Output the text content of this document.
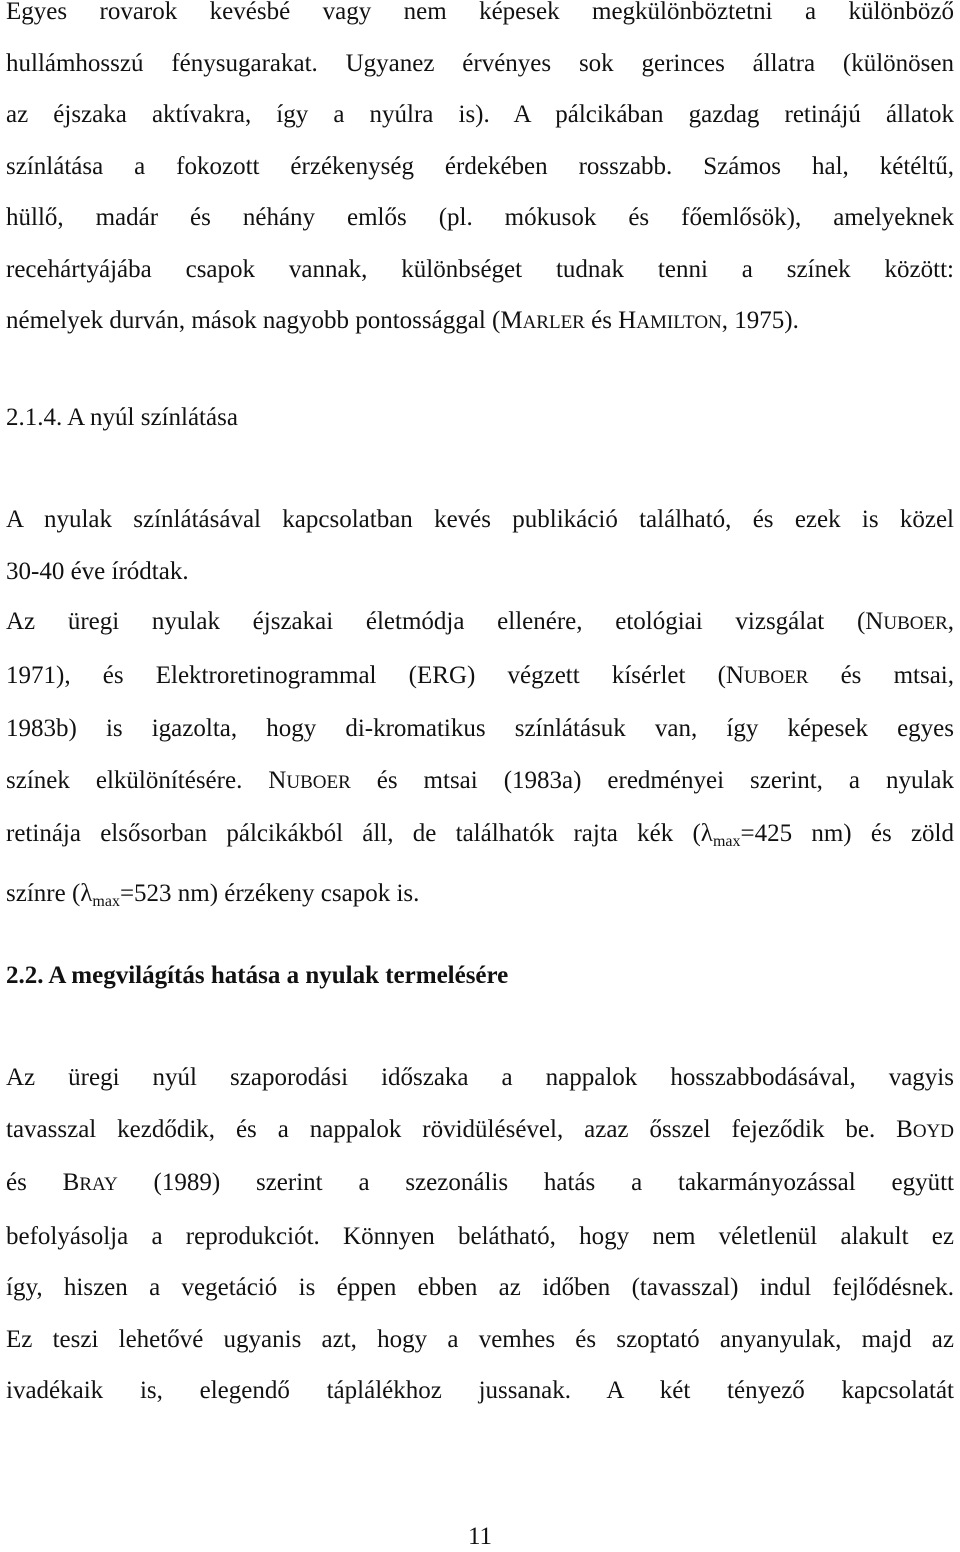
Egyes rovarok kevésbé vagy nem képesek megkülönböztetni a különböző
hullámhosszú fénysugarakat. Ugyanez érvényes sok gerinces állatra (különösen
az éjszaka aktívakra, így a nyúlra is). A pálcikában gazdag retinájú állatok
színlátása a fokozott érzékenység érdekében rosszabb. Számos hal, kétéltű,
hüllő, madár és néhány emlős (pl. mókusok és főemlősök), amelyeknek
recehártyájába csapok vannak, különbséget tudnak tenni a színek között:
némelyek durván, mások nagyobb pontossággal (MARLER és HAMILTON, 1975).
2.1.4. A nyúl színlátása
A nyulak színlátásával kapcsolatban kevés publikáció található, és ezek is közel
30-40 éve íródtak.
Az üregi nyulak éjszakai életmódja ellenére, etológiai vizsgálat (NUBOER,
1971), és Elektroretinogrammal (ERG) végzett kísérlet (NUBOER és mtsai,
1983b) is igazolta, hogy di-kromatikus színlátásuk van, így képesek egyes
színek elkülönítésére. NUBOER és mtsai (1983a) eredményei szerint, a nyulak
retinája elsősorban pálcikákból áll, de találhatók rajta kék ($\lambda_{max}=425$ nm) és zöld
színre ($\lambda_{max}=523$ nm) érzékeny csapok is.
2.2. A megvilágítás hatása a nyulak termelésére
Az üregi nyúl szaporodási időszaka a nappalok hosszabbodásával, vagyis
tavasszal kezdődik, és a nappalok rövidülésével, azaz ősszel fejeződik be. BOYD
és BRAY (1989) szerint a szezonális hatás a takarmányozással együtt
befolyásolja a reprodukciót. Könnyen belátható, hogy nem véletlenül alakult ez
így, hiszen a vegetáció is éppen ebben az időben (tavasszal) indul fejlődésnek.
Ez teszi lehetővé ugyanis azt, hogy a vemhes és szoptató anyanyulak, majd az
ivadékaik is, elegendő táplálékhoz jussanak. A két tényező kapcsolatát
11
